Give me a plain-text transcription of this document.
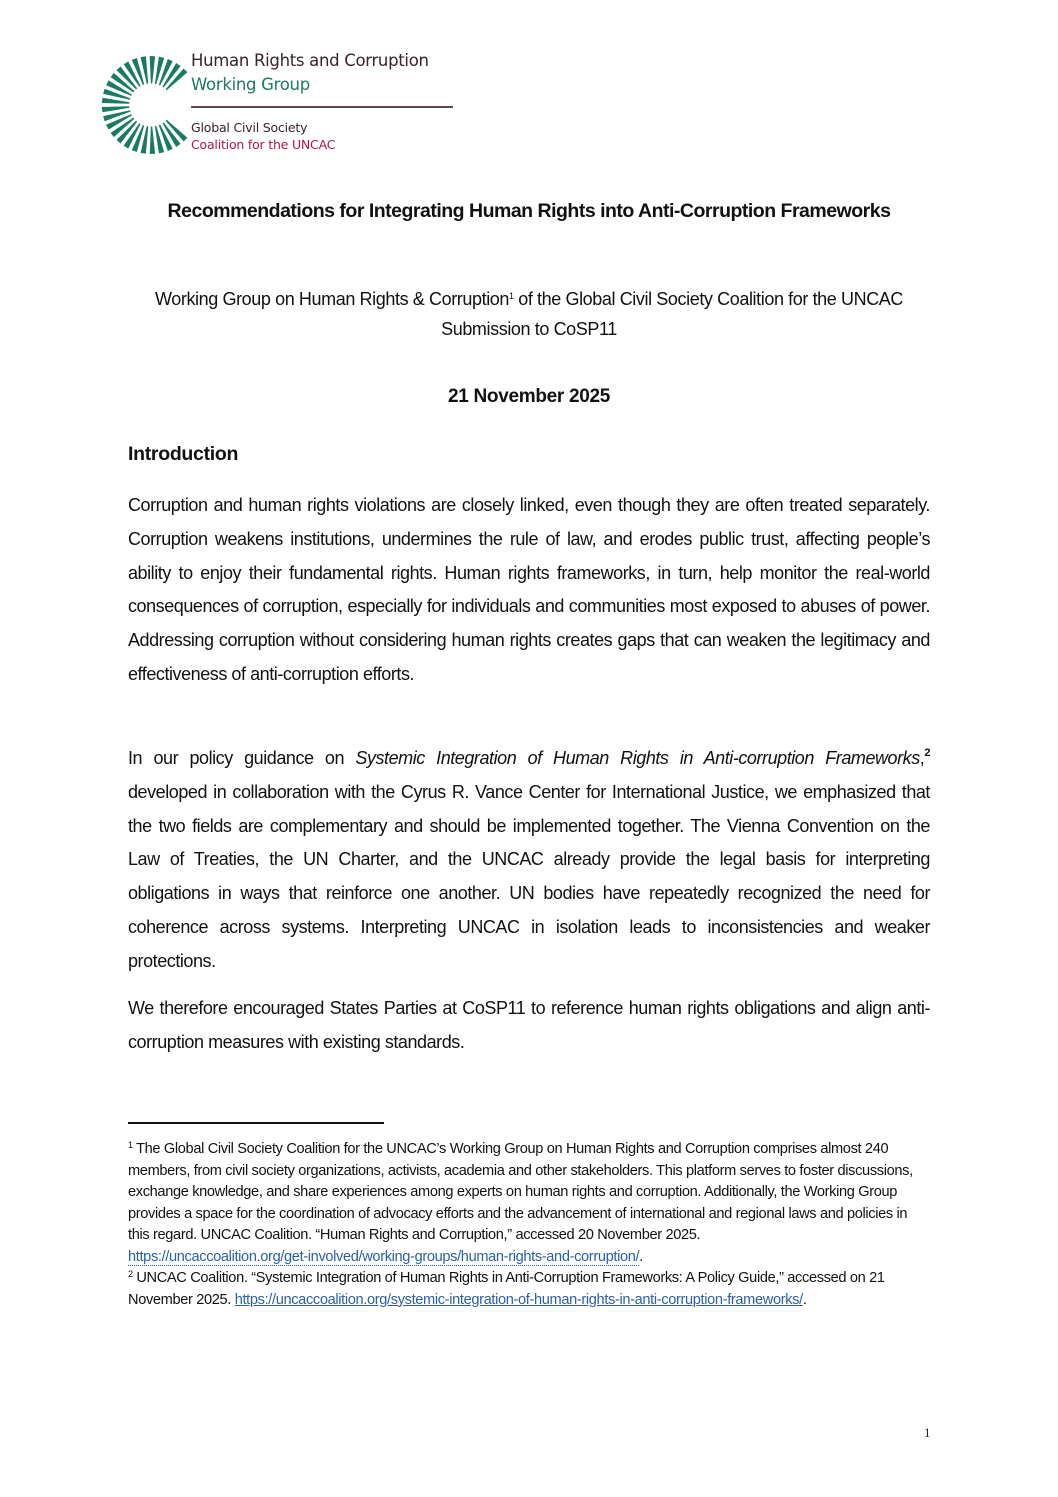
Human Rights and Corruption
Working Group
Global Civil Society
Coalition for the UNCAC
Recommendations for Integrating Human Rights into Anti-Corruption Frameworks
Working Group on Human Rights & Corruption$^1$ of the Global Civil Society Coalition for the UNCAC Submission to CoSP11
21 November 2025
Introduction

Corruption and human rights violations are closely linked, even though they are often treated separately. Corruption weakens institutions, undermines the rule of law, and erodes public trust, affecting people’s ability to enjoy their fundamental rights. Human rights frameworks, in turn, help monitor the real-world consequences of corruption, especially for individuals and communities most exposed to abuses of power. Addressing corruption without considering human rights creates gaps that can weaken the legitimacy and effectiveness of anti-corruption efforts.

In our policy guidance on Systemic Integration of Human Rights in Anti-corruption Frameworks,$^2$ developed in collaboration with the Cyrus R. Vance Center for International Justice, we emphasized that the two fields are complementary and should be implemented together. The Vienna Convention on the Law of Treaties, the UN Charter, and the UNCAC already provide the legal basis for interpreting obligations in ways that reinforce one another. UN bodies have repeatedly recognized the need for coherence across systems. Interpreting UNCAC in isolation leads to inconsistencies and weaker protections.

We therefore encouraged States Parties at CoSP11 to reference human rights obligations and align anti-corruption measures with existing standards.

$^1$ The Global Civil Society Coalition for the UNCAC’s Working Group on Human Rights and Corruption comprises almost 240 members, from civil society organizations, activists, academia and other stakeholders. This platform serves to foster discussions, exchange knowledge, and share experiences among experts on human rights and corruption. Additionally, the Working Group provides a space for the coordination of advocacy efforts and the advancement of international and regional laws and policies in this regard. UNCAC Coalition. “Human Rights and Corruption,” accessed 20 November 2025.
https://uncaccoalition.org/get-involved/working-groups/human-rights-and-corruption/.

$^2$ UNCAC Coalition. “Systemic Integration of Human Rights in Anti-Corruption Frameworks: A Policy Guide,” accessed on 21 November 2025. https://uncaccoalition.org/systemic-integration-of-human-rights-in-anti-corruption-frameworks/.

1
